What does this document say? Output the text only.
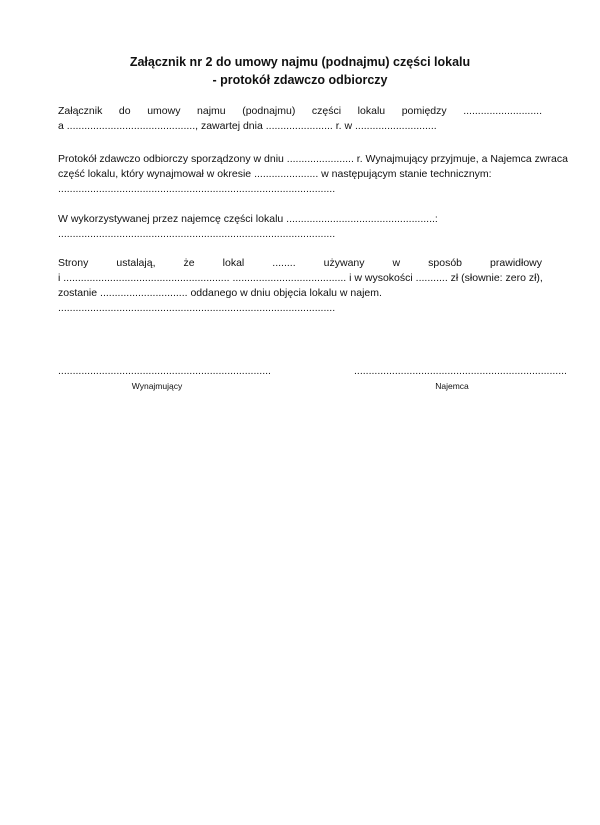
Załącznik nr 2 do umowy najmu (podnajmu) części lokalu
- protokół zdawczo odbiorczy
Załącznik do umowy najmu (podnajmu) części lokalu pomiędzy ...........................
a ............................................, zawartej dnia ....................... r. w ............................
Protokół zdawczo odbiorczy sporządzony w dniu ....................... r. Wynajmujący przyjmuje, a Najemca zwraca
część lokalu, który wynajmował w okresie ...................... w następującym stanie technicznym:
...............................................................................................
W wykorzystywanej przez najemcę części lokalu ...................................................:
...............................................................................................
Strony ustalają, że lokal ........ używany w sposób prawidłowy
i ......................................................... ....................................... i w wysokości ........... zł (słownie: zero zł),
zostanie .............................. oddanego w dniu objęcia lokalu w najem.
...............................................................................................
.........................................................................
Wynajmujący
.........................................................................
Najemca
